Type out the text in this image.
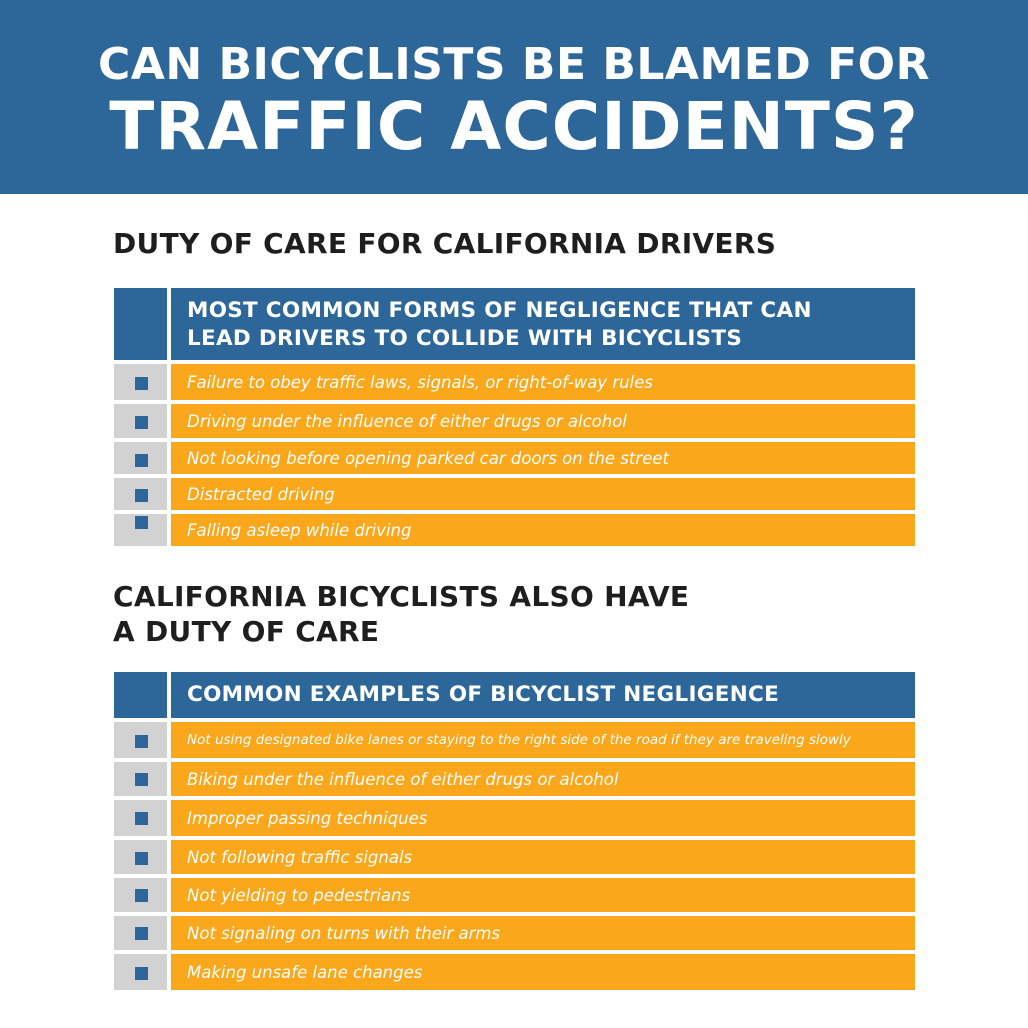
CAN BICYCLISTS BE BLAMED FOR
TRAFFIC ACCIDENTS?
DUTY OF CARE FOR CALIFORNIA DRIVERS
MOST COMMON FORMS OF NEGLIGENCE THAT CAN
LEAD DRIVERS TO COLLIDE WITH BICYCLISTS
Failure to obey traffic laws, signals, or right-of-way rules
Driving under the influence of either drugs or alcohol
Not looking before opening parked car doors on the street
Distracted driving
Falling asleep while driving
CALIFORNIA BICYCLISTS ALSO HAVE
A DUTY OF CARE
COMMON EXAMPLES OF BICYCLIST NEGLIGENCE
Not using designated bike lanes or staying to the right side of the road if they are traveling slowly
Biking under the influence of either drugs or alcohol
Improper passing techniques
Not following traffic signals
Not yielding to pedestrians
Not signaling on turns with their arms
Making unsafe lane changes
